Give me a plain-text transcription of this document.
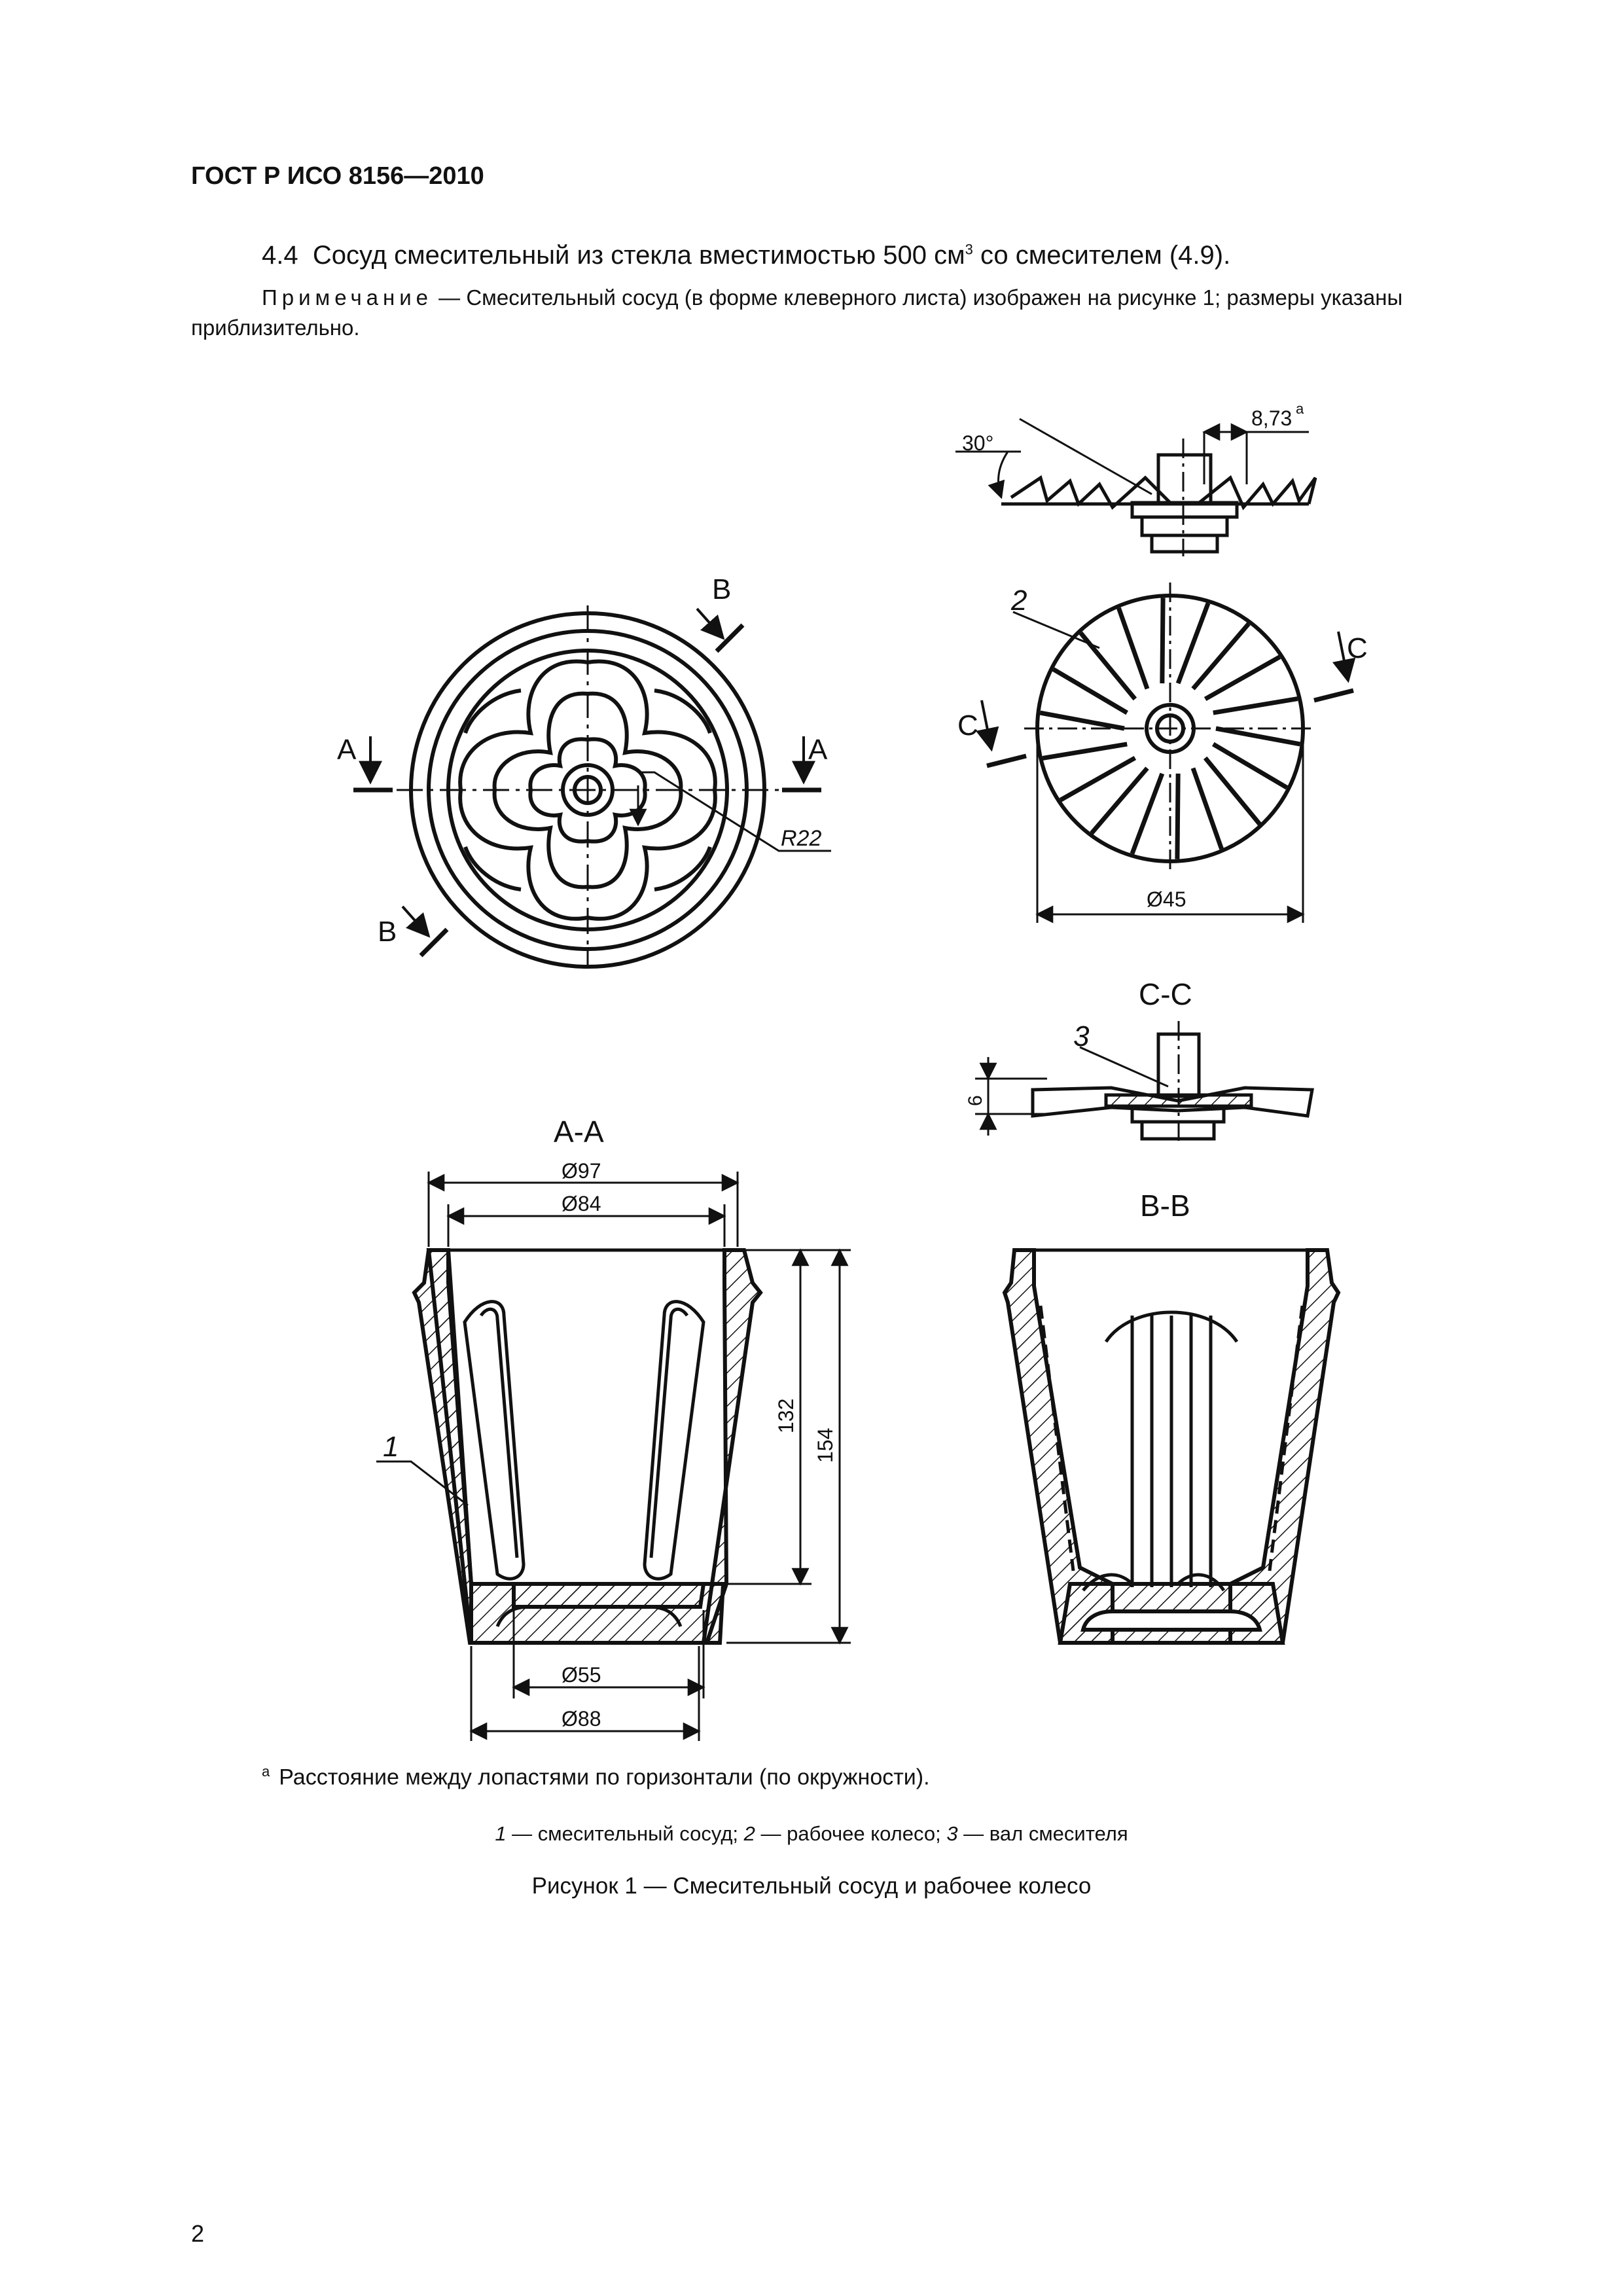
ГОСТ Р ИСО 8156—2010
4.4 Сосуд смесительный из стекла вместимостью 500 $см^3$ со смесителем (4.9).
Примечание — Смесительный сосуд (в форме клеверного листа) изображен на рисунке 1; размеры указаны приблизительно.
R22
A	A
B
B
30°
8,73 a
2
C
C
Ø45
C-C
6
3
A-A
Ø97
Ø84
Ø55
Ø88
132
154
1
B-B
$^a$ Расстояние между лопастями по горизонтали (по окружности).
1 — смесительный сосуд; 2 — рабочее колесо; 3 — вал смесителя
Рисунок 1 — Смесительный сосуд и рабочее колесо
2
